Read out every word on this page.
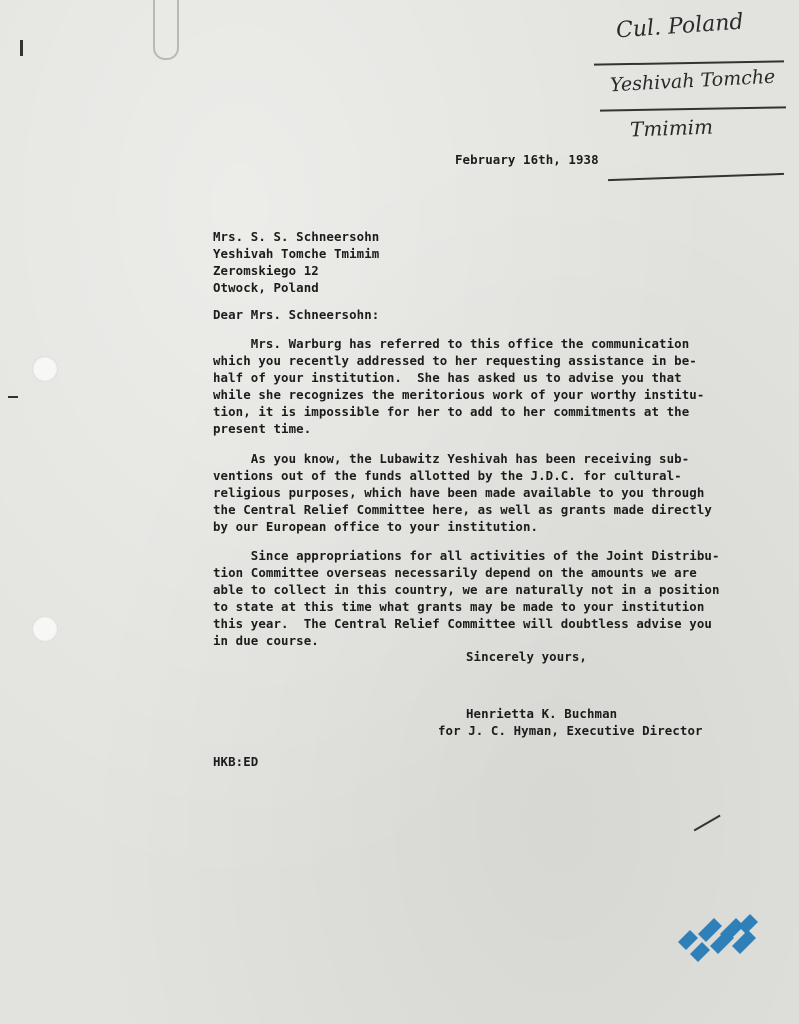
Cul. Poland
Yeshivah Tomche
Tmimim
February 16th, 1938
Mrs. S. S. Schneersohn
Yeshivah Tomche Tmimim
Zeromskiego 12
Otwock, Poland
Dear Mrs. Schneersohn:
Mrs. Warburg has referred to this office the communication
which you recently addressed to her requesting assistance in be-
half of your institution.  She has asked us to advise you that
while she recognizes the meritorious work of your worthy institu-
tion, it is impossible for her to add to her commitments at the
present time.
As you know, the Lubawitz Yeshivah has been receiving sub-
ventions out of the funds allotted by the J.D.C. for cultural-
religious purposes, which have been made available to you through
the Central Relief Committee here, as well as grants made directly
by our European office to your institution.
Since appropriations for all activities of the Joint Distribu-
tion Committee overseas necessarily depend on the amounts we are
able to collect in this country, we are naturally not in a position
to state at this time what grants may be made to your institution
this year.  The Central Relief Committee will doubtless advise you
in due course.
Sincerely yours,
Henrietta K. Buchman
for J. C. Hyman, Executive Director
HKB:ED
